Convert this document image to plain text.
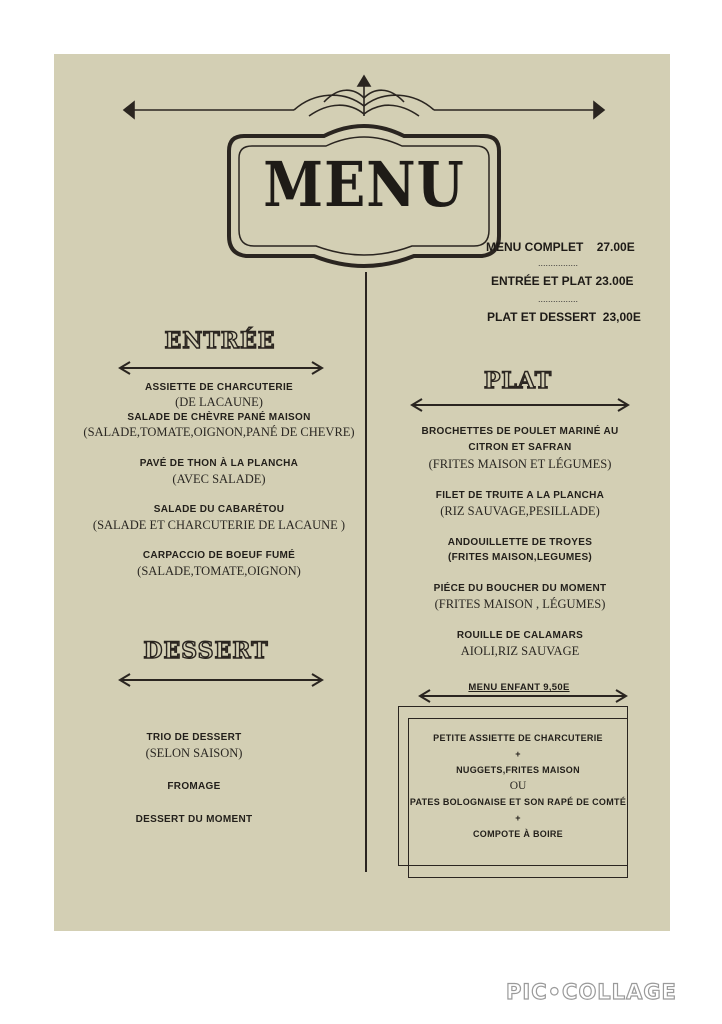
MENU
MENU COMPLET 27.00E
................
ENTRÉE ET PLAT 23.00E
................
PLAT ET DESSERT 23,00E
ENTRÉE
ASSIETTE DE CHARCUTERIE
(DE LACAUNE)
SALADE DE CHÈVRE PANÉ MAISON
(SALADE,TOMATE,OIGNON,PANÉ DE CHEVRE)
PAVÉ DE THON À LA PLANCHA
(AVEC SALADE)
SALADE DU CABARÉTOU
(SALADE ET CHARCUTERIE DE LACAUNE )
CARPACCIO DE BOEUF FUMÉ
(SALADE,TOMATE,OIGNON)
DESSERT
TRIO DE DESSERT
(SELON SAISON)
FROMAGE
DESSERT DU MOMENT
PLAT
BROCHETTES DE POULET MARINÉ AU CITRON ET SAFRAN
(FRITES MAISON ET LÉGUMES)
FILET DE TRUITE A LA PLANCHA
(RIZ SAUVAGE,PESILLADE)
ANDOUILLETTE DE TROYES
(FRITES MAISON,LEGUMES)
PIÉCE DU BOUCHER DU MOMENT
(FRITES MAISON , LÉGUMES)
ROUILLE DE CALAMARS
AIOLI,RIZ SAUVAGE
MENU ENFANT 9,50E
PETITE ASSIETTE DE CHARCUTERIE
+
NUGGETS,FRITES MAISON
OU
PATES BOLOGNAISE ET SON RAPÉ DE COMTÉ
+
COMPOTE À BOIRE
PIC•COLLAGE
